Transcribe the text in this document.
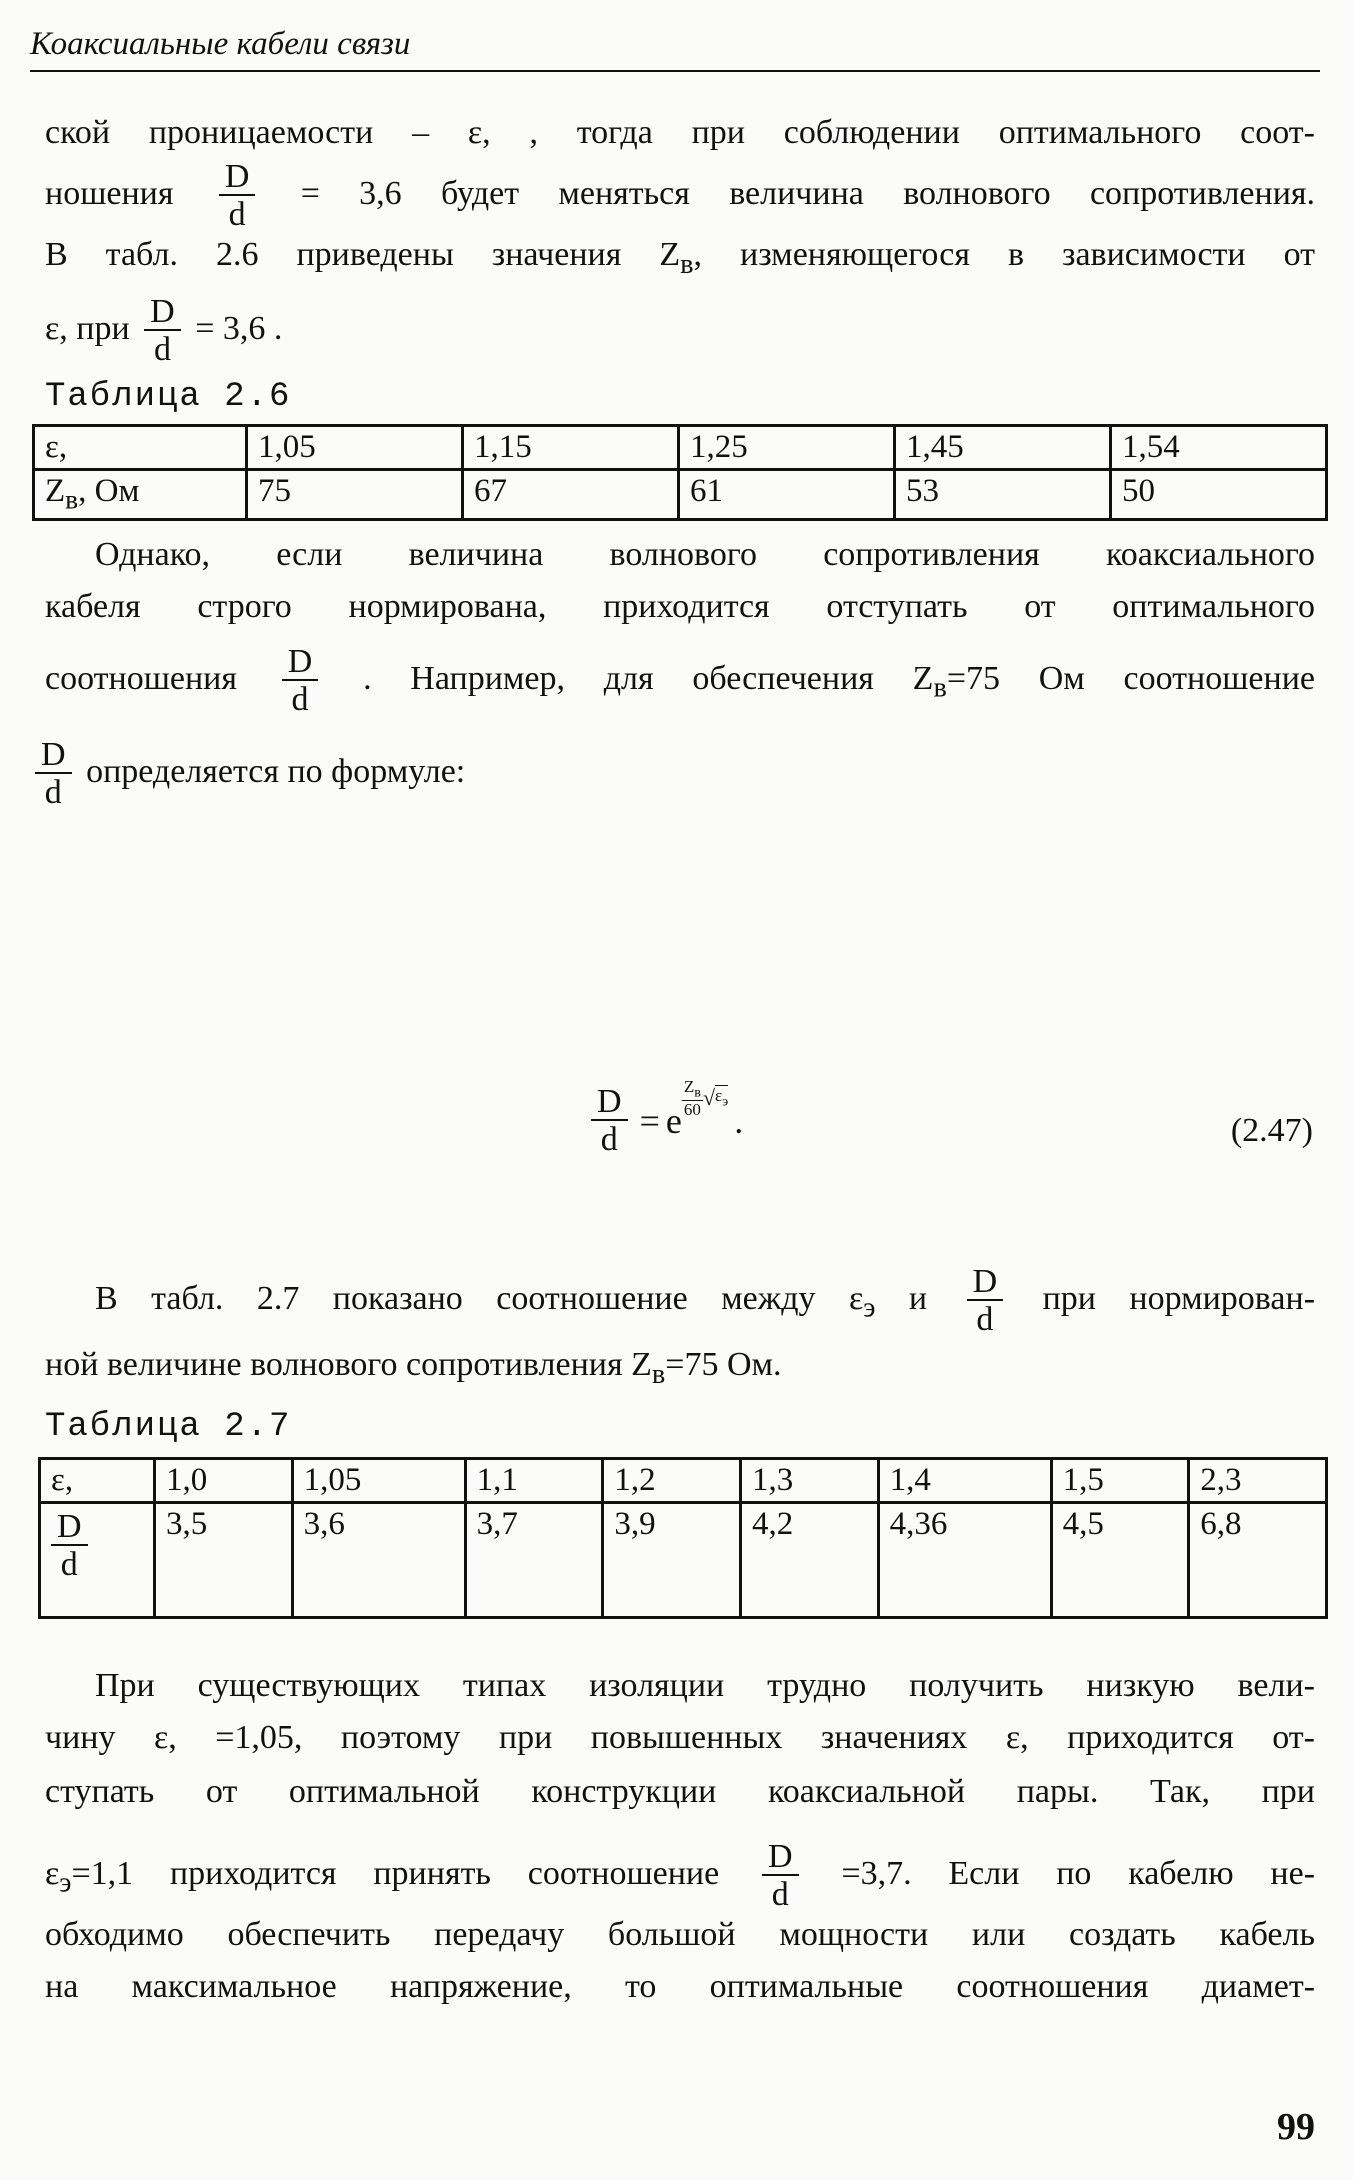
Коаксиальные кабели связи
ской проницаемости – ε, , тогда при соблюдении оптимального соот-
ношения $\frac{D}{d} = 3,6$ будет меняться величина волнового сопротивления.
В табл. 2.6 приведены значения $Z_в$, изменяющегося в зависимости от
ε, при $\frac{D}{d} = 3,6$ .
Таблица 2.6
ε,	1,05	1,15	1,25	1,45	1,54
$Z_в$, Ом	75	67	61	53	50
Однако, если величина волнового сопротивления коаксиального
кабеля строго нормирована, приходится отступать от оптимального
соотношения $\frac{D}{d}$ . Например, для обеспечения $Z_в=75$ Ом соотношение
$\frac{D}{d}$ определяется по формуле:
$\frac{D}{d} = e$
$Z_в$
60 √ $\varepsilon_э$ .	(2.47)
В табл. 2.7 показано соотношение между $\varepsilon_э$ и $\frac{D}{d}$ при нормирован-
ной величине волнового сопротивления $Z_в=75$ Ом.
Таблица 2.7
ε,	1,0	1,05	1,1	1,2	1,3	1,4	1,5	2,3

$\frac{D}{d}$	3,5	3,6	3,7	3,9	4,2	4,36	4,5	6,8
При существующих типах изоляции трудно получить низкую вели-
чину ε, =1,05, поэтому при повышенных значениях ε, приходится от-
ступать от оптимальной конструкции коаксиальной пары. Так, при
$\varepsilon_э=1,1$ приходится принять соотношение $\frac{D}{d} =3,7$. Если по кабелю не-
обходимо обеспечить передачу большой мощности или создать кабель
на максимальное напряжение, то оптимальные соотношения диамет-
99
